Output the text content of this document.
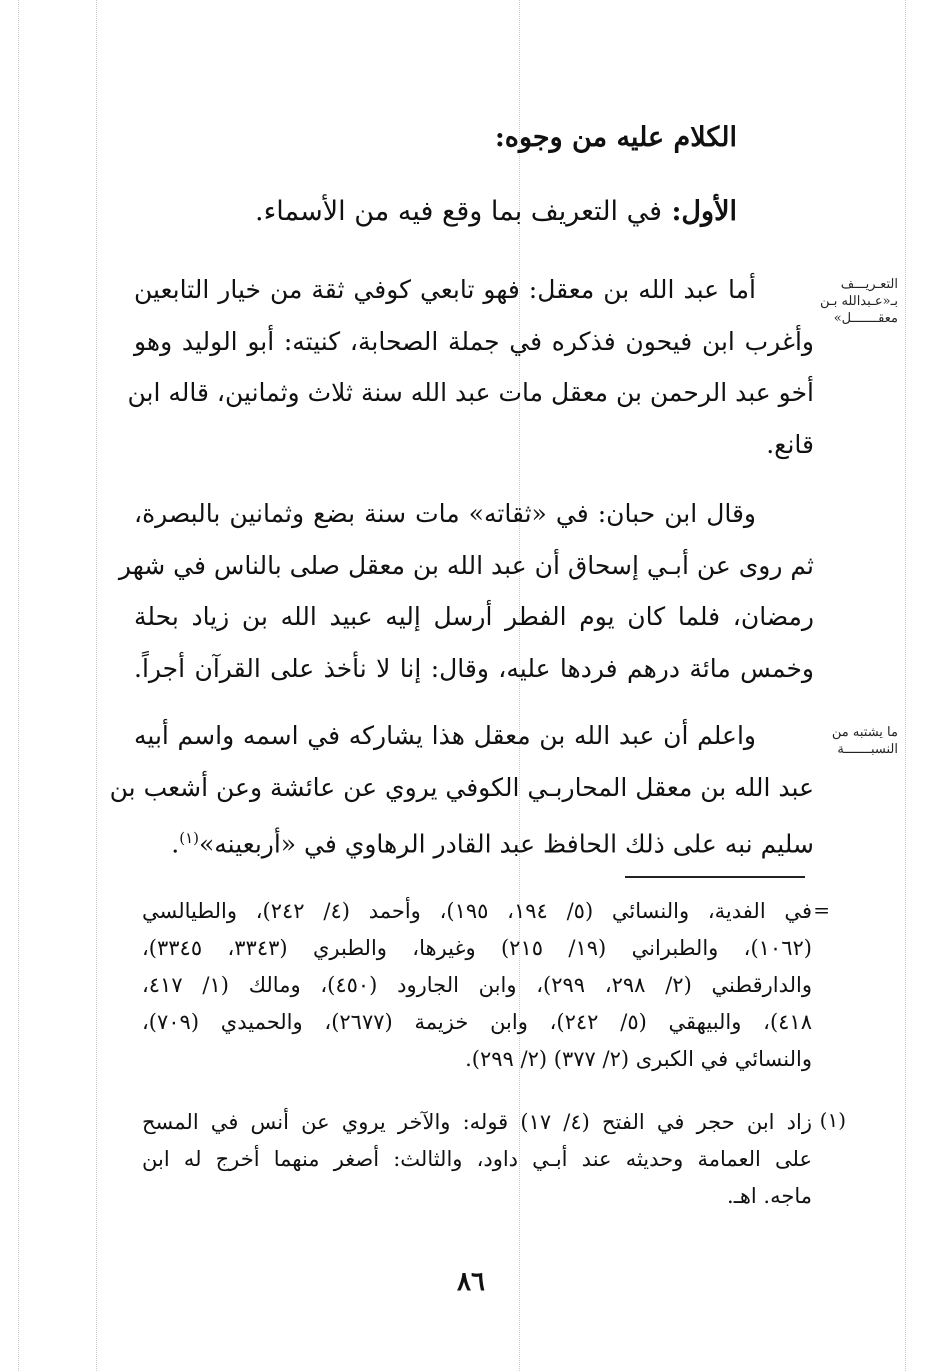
الكلام عليه من وجوه:
الأول: في التعريف بما وقع فيه من الأسماء.
التعـريـــف
بـ«عـبدالله بـن
معقـــــــل»
أما عبد الله بن معقل: فهو تابعي كوفي ثقة من خيار التابعين
وأغرب ابن فيحون فذكره في جملة الصحابة، كنيته: أبو الوليد وهو
أخو عبد الرحمن بن معقل مات عبد الله سنة ثلاث وثمانين، قاله ابن
قانع.
وقال ابن حبان: في «ثقاته» مات سنة بضع وثمانين بالبصرة،
ثم روى عن أبـي إسحاق أن عبد الله بن معقل صلى بالناس في شهر
رمضان، فلما كان يوم الفطر أرسل إليه عبيد الله بن زياد بحلة
وخمس مائة درهم فردها عليه، وقال: إنا لا نأخذ على القرآن أجراً.
ما يشتبه من
النسبـــــــة
واعلم أن عبد الله بن معقل هذا يشاركه في اسمه واسم أبيه
عبد الله بن معقل المحاربـي الكوفي يروي عن عائشة وعن أشعب بن
سليم نبه على ذلك الحافظ عبد القادر الرهاوي في «أربعينه»$^{(١)}$.
=
في الفدية، والنسائي (٥/ ١٩٤، ١٩٥)، وأحمد (٤/ ٢٤٢)، والطيالسي
(١٠٦٢)، والطبراني (١٩/ ٢١٥) وغيرها، والطبري (٣٣٤٣، ٣٣٤٥)،
والدارقطني (٢/ ٢٩٨، ٢٩٩)، وابن الجارود (٤٥٠)، ومالك (١/ ٤١٧،
٤١٨)، والبيهقي (٥/ ٢٤٢)، وابن خزيمة (٢٦٧٧)، والحميدي (٧٠٩)،
والنسائي في الكبرى (٢/ ٣٧٧) (٢/ ٢٩٩).
(١)
زاد ابن حجر في الفتح (٤/ ١٧) قوله: والآخر يروي عن أنس في المسح
على العمامة وحديثه عند أبـي داود، والثالث: أصغر منهما أخرج له ابن
ماجه. اهـ.
٨٦
